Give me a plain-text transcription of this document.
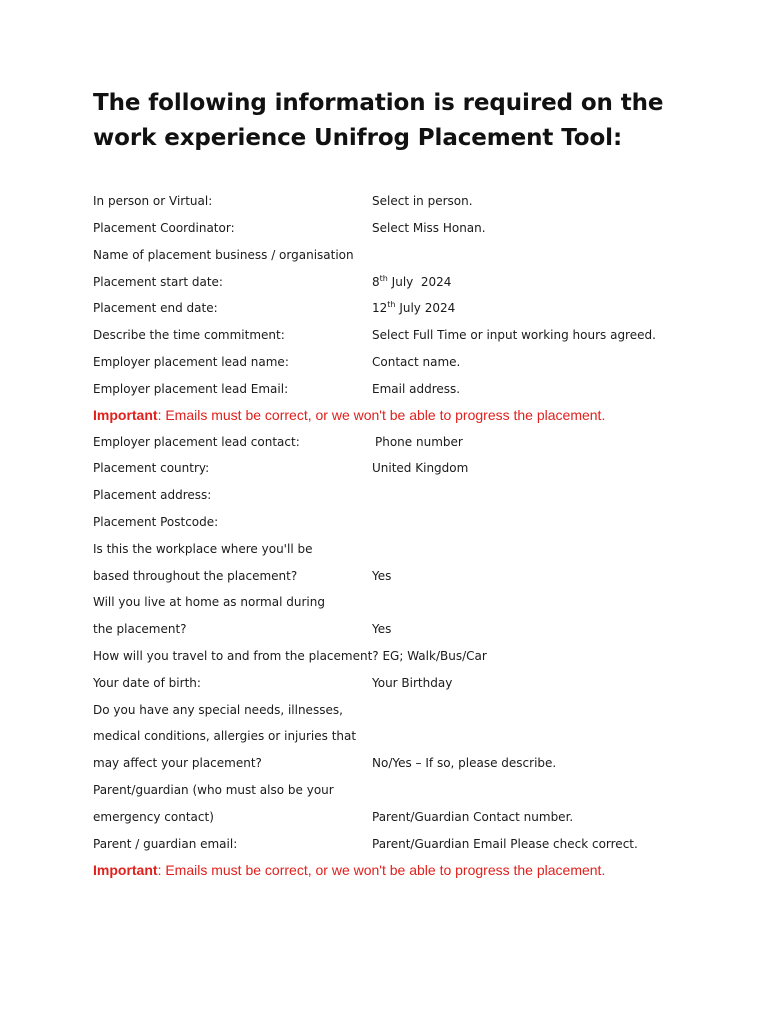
The following information is required on the work experience Unifrog Placement Tool:
In person or Virtual:	Select in person.
Placement Coordinator:	Select Miss Honan.
Name of placement business / organisation
Placement start date:	8th July  2024
Placement end date:	12th July 2024
Describe the time commitment:	Select Full Time or input working hours agreed.
Employer placement lead name:	Contact name.
Employer placement lead Email:	Email address.
Important: Emails must be correct, or we won't be able to progress the placement.
Employer placement lead contact:	Phone number
Placement country:	United Kingdom
Placement address:
Placement Postcode:
Is this the workplace where you'll be
based throughout the placement?	Yes
Will you live at home as normal during
the placement?	Yes
How will you travel to and from the placement? EG; Walk/Bus/Car
Your date of birth:	Your Birthday
Do you have any special needs, illnesses,
medical conditions, allergies or injuries that
may affect your placement?	No/Yes – If so, please describe.
Parent/guardian (who must also be your
emergency contact)	Parent/Guardian Contact number.
Parent / guardian email:	Parent/Guardian Email Please check correct.
Important: Emails must be correct, or we won't be able to progress the placement.
